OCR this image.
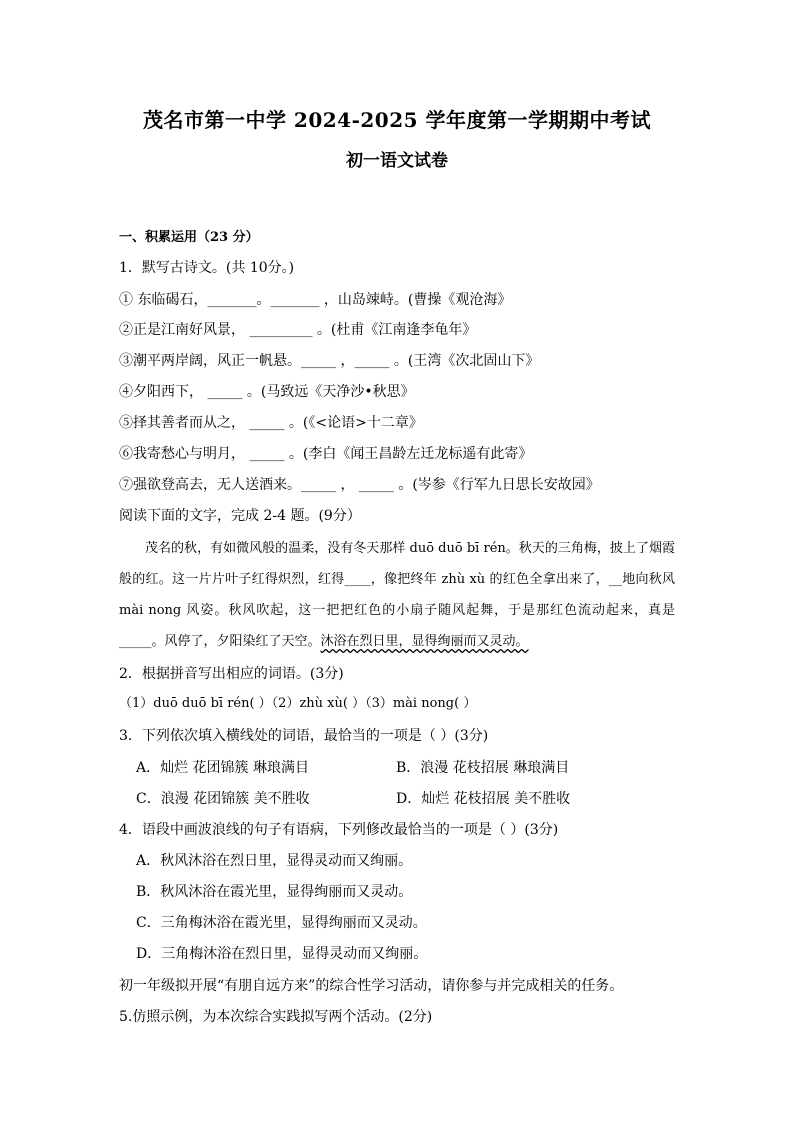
茂名市第一中学 2024-2025 学年度第一学期期中考试
初一语文试卷
一、积累运用（23 分）
1．默写古诗文。(共 10分。)
① 东临碣石，_______。_______ ，山岛竦峙。(曹操《观沧海》
②正是江南好风景， _________ 。(杜甫《江南逢李龟年》
③潮平两岸阔，风正一帆悬。_____ ，_____ 。(王湾《次北固山下》
④夕阳西下， _____ 。(马致远《天净沙•秋思》
⑤择其善者而从之， _____ 。(《<论语>十二章》
⑥我寄愁心与明月， _____ 。(李白《闻王昌龄左迁龙标遥有此寄》
⑦强欲登高去，无人送酒来。_____ ， _____ 。(岑参《行军九日思长安故园》
阅读下面的文字，完成 2-4 题。(9分）

茂名的秋，有如微风般的温柔，没有冬天那样 duō duō bī rén。秋天的三角梅，披上了烟霞般的红。这一片片叶子红得炽烈，红得____，像把终年 zhù xù 的红色全拿出来了，__地向秋风 mài nong 风姿。秋风吹起，这一把把红色的小扇子随风起舞，于是那红色流动起来，真是_____。风停了，夕阳染红了天空。沐浴在烈日里，显得绚丽而又灵动。

2．根据拼音写出相应的词语。(3分)
（1）duō duō bī rén( ）（2）zhù xù( ）（3）mài nong( ）
3．下列依次填入横线处的词语，最恰当的一项是（ ）(3分)
A．灿烂 花团锦簇 琳琅满目	B．浪漫 花枝招展 琳琅满目
C．浪漫 花团锦簇 美不胜收	D．灿烂 花枝招展 美不胜收
4．语段中画波浪线的句子有语病，下列修改最恰当的一项是（ ）(3分)
A．秋风沐浴在烈日里，显得灵动而又绚丽。
B．秋风沐浴在霞光里，显得绚丽而又灵动。
C．三角梅沐浴在霞光里，显得绚丽而又灵动。
D．三角梅沐浴在烈日里，显得灵动而又绚丽。
初一年级拟开展“有朋自远方来”的综合性学习活动，请你参与并完成相关的任务。
5.仿照示例，为本次综合实践拟写两个活动。(2分)
